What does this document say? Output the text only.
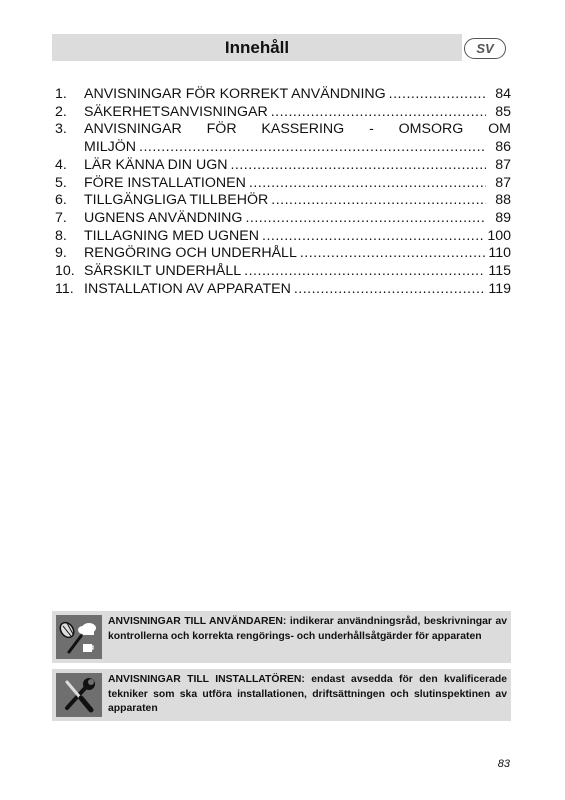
Innehåll	SV
1.	ANVISNINGAR FÖR KORREKT ANVÄNDNING .....	84
2.	SÄKERHETSANVISNINGAR .....	85
3.	ANVISNINGAR FÖR KASSERING - OMSORG OM
MILJÖN .....	86
4.	LÄR KÄNNA DIN UGN .....	87
5.	FÖRE INSTALLATIONEN .....	87
6.	TILLGÄNGLIGA TILLBEHÖR .....	88
7.	UGNENS ANVÄNDNING .....	89
8.	TILLAGNING MED UGNEN .....	100
9.	RENGÖRING OCH UNDERHÅLL .....	110
10. SÄRSKILT UNDERHÅLL .....	115
11. INSTALLATION AV APPARATEN .....	119
ANVISNINGAR TILL ANVÄNDAREN: indikerar användningsråd, beskrivningar av kontrollerna och korrekta rengörings- och underhållsåtgärder för apparaten
ANVISNINGAR TILL INSTALLATÖREN: endast avsedda för den kvalificerade tekniker som ska utföra installationen, driftsättningen och slutinspektinen av apparaten
83
